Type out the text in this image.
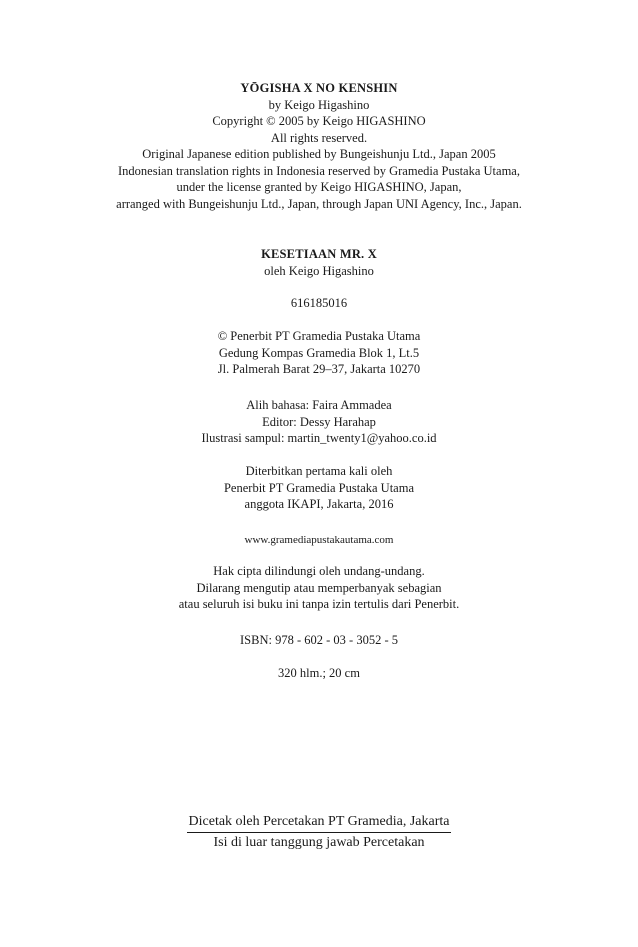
YŌGISHA X NO KENSHIN
by Keigo Higashino
Copyright © 2005 by Keigo HIGASHINO
All rights reserved.
Original Japanese edition published by Bungeishunju Ltd., Japan 2005
Indonesian translation rights in Indonesia reserved by Gramedia Pustaka Utama,
under the license granted by Keigo HIGASHINO, Japan,
arranged with Bungeishunju Ltd., Japan, through Japan UNI Agency, Inc., Japan.
KESETIAAN MR. X
oleh Keigo Higashino
616185016
© Penerbit PT Gramedia Pustaka Utama
Gedung Kompas Gramedia Blok 1, Lt.5
Jl. Palmerah Barat 29–37, Jakarta 10270
Alih bahasa: Faira Ammadea
Editor: Dessy Harahap
Ilustrasi sampul: martin_twenty1@yahoo.co.id
Diterbitkan pertama kali oleh
Penerbit PT Gramedia Pustaka Utama
anggota IKAPI, Jakarta, 2016
www.gramediapustakautama.com
Hak cipta dilindungi oleh undang-undang.
Dilarang mengutip atau memperbanyak sebagian
atau seluruh isi buku ini tanpa izin tertulis dari Penerbit.
ISBN: 978 - 602 - 03 - 3052 - 5
320 hlm.; 20 cm
Dicetak oleh Percetakan PT Gramedia, Jakarta
Isi di luar tanggung jawab Percetakan
